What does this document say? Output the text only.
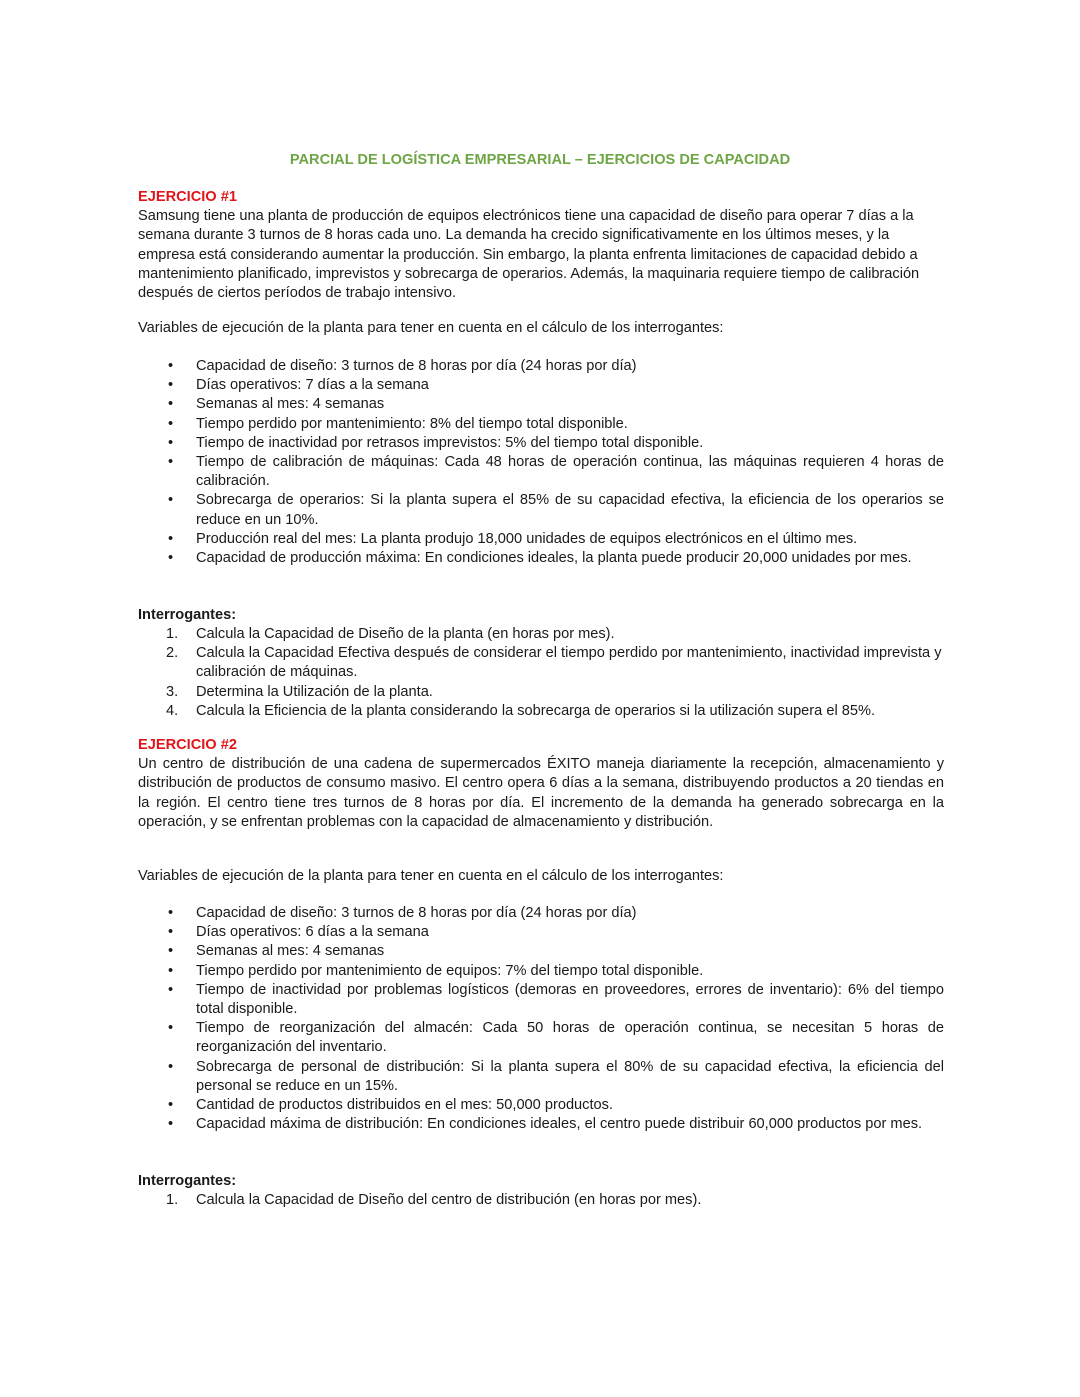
PARCIAL DE LOGÍSTICA EMPRESARIAL – EJERCICIOS DE CAPACIDAD
EJERCICIO #1
Samsung tiene una planta de producción de equipos electrónicos tiene una capacidad de diseño para operar 7 días a la semana durante 3 turnos de 8 horas cada uno. La demanda ha crecido significativamente en los últimos meses, y la empresa está considerando aumentar la producción. Sin embargo, la planta enfrenta limitaciones de capacidad debido a mantenimiento planificado, imprevistos y sobrecarga de operarios. Además, la maquinaria requiere tiempo de calibración después de ciertos períodos de trabajo intensivo.
Variables de ejecución de la planta para tener en cuenta en el cálculo de los interrogantes:
• Capacidad de diseño: 3 turnos de 8 horas por día (24 horas por día)
• Días operativos: 7 días a la semana
• Semanas al mes: 4 semanas
• Tiempo perdido por mantenimiento: 8% del tiempo total disponible.
• Tiempo de inactividad por retrasos imprevistos: 5% del tiempo total disponible.
• Tiempo de calibración de máquinas: Cada 48 horas de operación continua, las máquinas requieren 4 horas de calibración.
• Sobrecarga de operarios: Si la planta supera el 85% de su capacidad efectiva, la eficiencia de los operarios se reduce en un 10%.
• Producción real del mes: La planta produjo 18,000 unidades de equipos electrónicos en el último mes.
• Capacidad de producción máxima: En condiciones ideales, la planta puede producir 20,000 unidades por mes.
Interrogantes:
1. Calcula la Capacidad de Diseño de la planta (en horas por mes).
2. Calcula la Capacidad Efectiva después de considerar el tiempo perdido por mantenimiento, inactividad imprevista y calibración de máquinas.
3. Determina la Utilización de la planta.
4. Calcula la Eficiencia de la planta considerando la sobrecarga de operarios si la utilización supera el 85%.
EJERCICIO #2
Un centro de distribución de una cadena de supermercados ÉXITO maneja diariamente la recepción, almacenamiento y distribución de productos de consumo masivo. El centro opera 6 días a la semana, distribuyendo productos a 20 tiendas en la región. El centro tiene tres turnos de 8 horas por día. El incremento de la demanda ha generado sobrecarga en la operación, y se enfrentan problemas con la capacidad de almacenamiento y distribución.
Variables de ejecución de la planta para tener en cuenta en el cálculo de los interrogantes:
• Capacidad de diseño: 3 turnos de 8 horas por día (24 horas por día)
• Días operativos: 6 días a la semana
• Semanas al mes: 4 semanas
• Tiempo perdido por mantenimiento de equipos: 7% del tiempo total disponible.
• Tiempo de inactividad por problemas logísticos (demoras en proveedores, errores de inventario): 6% del tiempo total disponible.
• Tiempo de reorganización del almacén: Cada 50 horas de operación continua, se necesitan 5 horas de reorganización del inventario.
• Sobrecarga de personal de distribución: Si la planta supera el 80% de su capacidad efectiva, la eficiencia del personal se reduce en un 15%.
• Cantidad de productos distribuidos en el mes: 50,000 productos.
• Capacidad máxima de distribución: En condiciones ideales, el centro puede distribuir 60,000 productos por mes.
Interrogantes:
1. Calcula la Capacidad de Diseño del centro de distribución (en horas por mes).
